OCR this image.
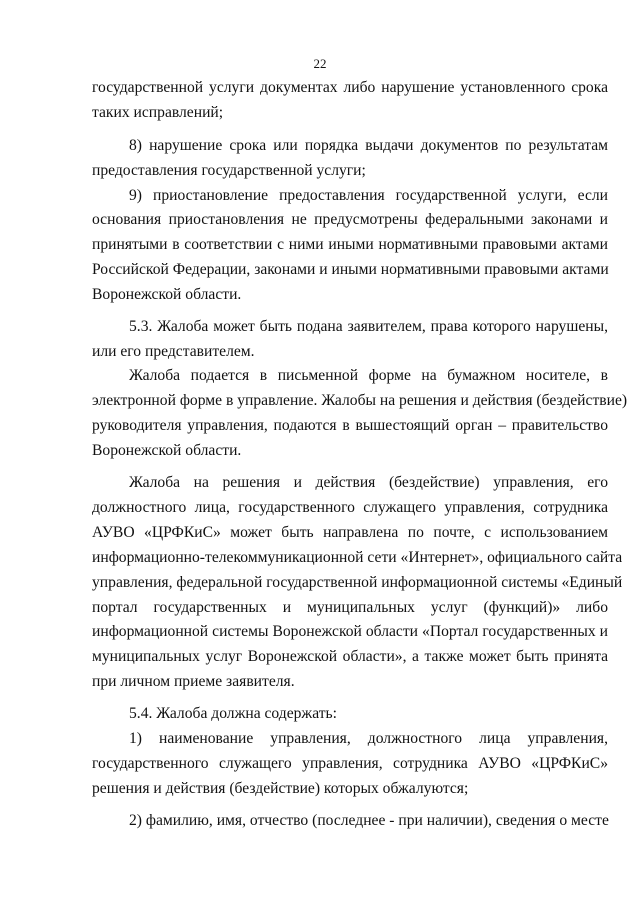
22
государственной услуги документах либо нарушение установленного срока
таких исправлений;
8) нарушение срока или порядка выдачи документов по результатам
предоставления государственной услуги;
9) приостановление предоставления государственной услуги, если
основания приостановления не предусмотрены федеральными законами и
принятыми в соответствии с ними иными нормативными правовыми актами
Российской Федерации, законами и иными нормативными правовыми актами
Воронежской области.
5.3. Жалоба может быть подана заявителем, права которого нарушены,
или его представителем.
Жалоба подается в письменной форме на бумажном носителе, в
электронной форме в управление. Жалобы на решения и действия (бездействие)
руководителя управления, подаются в вышестоящий орган – правительство
Воронежской области.
Жалоба на решения и действия (бездействие) управления, его
должностного лица, государственного служащего управления, сотрудника
АУВО «ЦРФКиС» может быть направлена по почте, с использованием
информационно-телекоммуникационной сети «Интернет», официального сайта
управления, федеральной государственной информационной системы «Единый
портал государственных и муниципальных услуг (функций)» либо
информационной системы Воронежской области «Портал государственных и
муниципальных услуг Воронежской области», а также может быть принята
при личном приеме заявителя.
5.4. Жалоба должна содержать:
1) наименование управления, должностного лица управления,
государственного служащего управления, сотрудника АУВО «ЦРФКиС»
решения и действия (бездействие) которых обжалуются;
2) фамилию, имя, отчество (последнее - при наличии), сведения о месте
